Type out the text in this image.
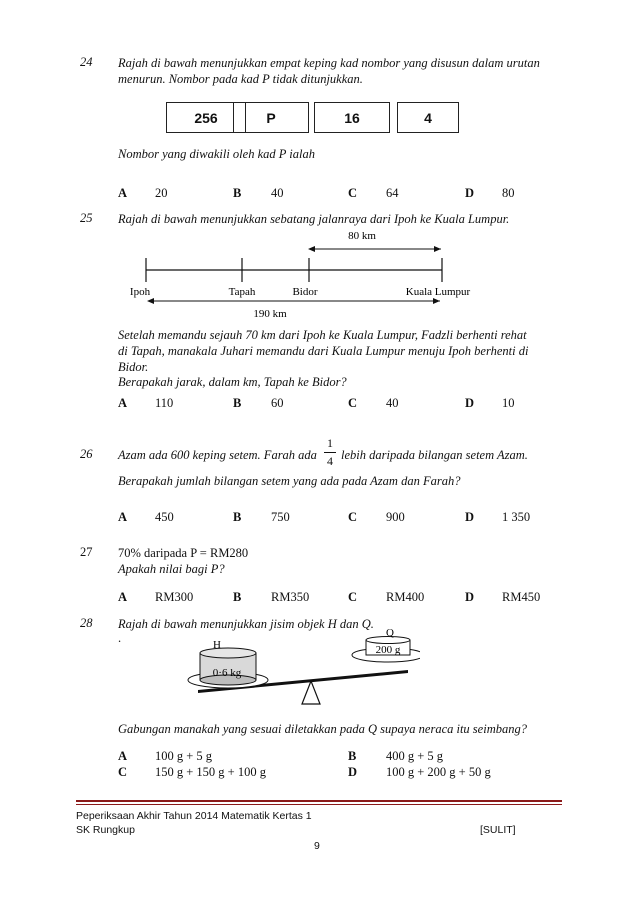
24 Rajah di bawah menunjukkan empat keping kad nombor yang disusun dalam urutan menurun. Nombor pada kad P tidak ditunjukkan.
256	P	16	4
Nombor yang diwakili oleh kad P ialah
A 20	B 40	C 64	D 80
25 Rajah di bawah menunjukkan sebatang jalanraya dari Ipoh ke Kuala Lumpur.
80 km
Ipoh	Tapah	Bidor	Kuala Lumpur
190 km
Setelah memandu sejauh 70 km dari Ipoh ke Kuala Lumpur, Fadzli berhenti rehat
di Tapah, manakala Juhari memandu dari Kuala Lumpur menuju Ipoh berhenti di
Bidor.
Berapakah jarak, dalam km, Tapah ke Bidor?
A 110	B 60	C 40	D 10
26 Azam ada 600 keping setem. Farah ada
1
4 lebih daripada bilangan setem Azam.
Berapakah jumlah bilangan setem yang ada pada Azam dan Farah?
A 450	B 750	C 900	D 1 350
27 70% daripada P = RM280
Apakah nilai bagi P?
A RM300	B RM350	C RM400	D RM450
28 Rajah di bawah menunjukkan jisim objek H dan Q.
.	H
0·6 kg
Q
200 g
Gabungan manakah yang sesuai diletakkan pada Q supaya neraca itu seimbang?
A 100 g + 5 g	B 400 g + 5 g
C 150 g + 150 g + 100 g	D 100 g + 200 g + 50 g
Peperiksaan Akhir Tahun 2014 Matematik Kertas 1
SK Rungkup	[SULIT]
9
